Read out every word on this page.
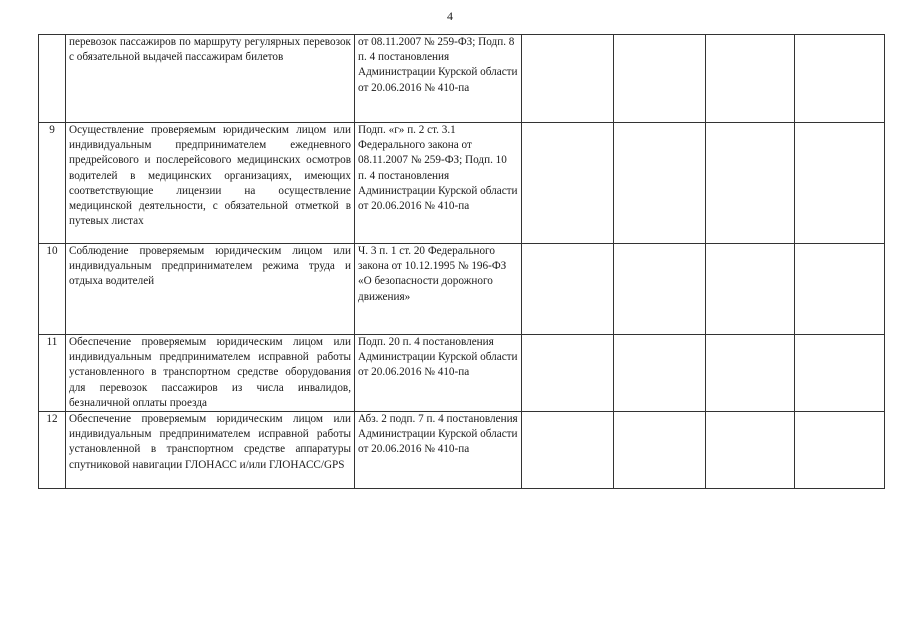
4
	перевозок пассажиров по маршруту регулярных перевозок с обязательной выдачей пассажирам билетов	от 08.11.2007 № 259-ФЗ; Подп. 8 п. 4 постановления Администрации Курской области от 20.06.2016 № 410-па				
9	Осуществление проверяемым юридическим лицом или индивидуальным предпринимателем ежедневного предрейсового и послерейсового медицинских осмотров водителей в медицинских организациях, имеющих соответствующие лицензии на осуществление медицинской деятельности, с обязательной отметкой в путевых листах	Подп. «г» п. 2 ст. 3.1 Федерального закона от 08.11.2007 № 259-ФЗ; Подп. 10 п. 4 постановления Администрации Курской области от 20.06.2016 № 410-па				
10	Соблюдение проверяемым юридическим лицом или индивидуальным предпринимателем режима труда и отдыха водителей	Ч. 3 п. 1 ст. 20 Федерального закона от 10.12.1995 № 196-ФЗ «О безопасности дорожного движения»				
11	Обеспечение проверяемым юридическим лицом или индивидуальным предпринимателем исправной работы установленного в транспортном средстве оборудования для перевозок пассажиров из числа инвалидов, безналичной оплаты проезда	Подп. 20 п. 4 постановления Администрации Курской области от 20.06.2016 № 410-па				
12	Обеспечение проверяемым юридическим лицом или индивидуальным предпринимателем исправной работы установленной в транспортном средстве аппаратуры спутниковой навигации ГЛОНАСС и/или ГЛОНАСС/GPS	Абз. 2 подп. 7 п. 4 постановления Администрации Курской области от 20.06.2016 № 410-па				
